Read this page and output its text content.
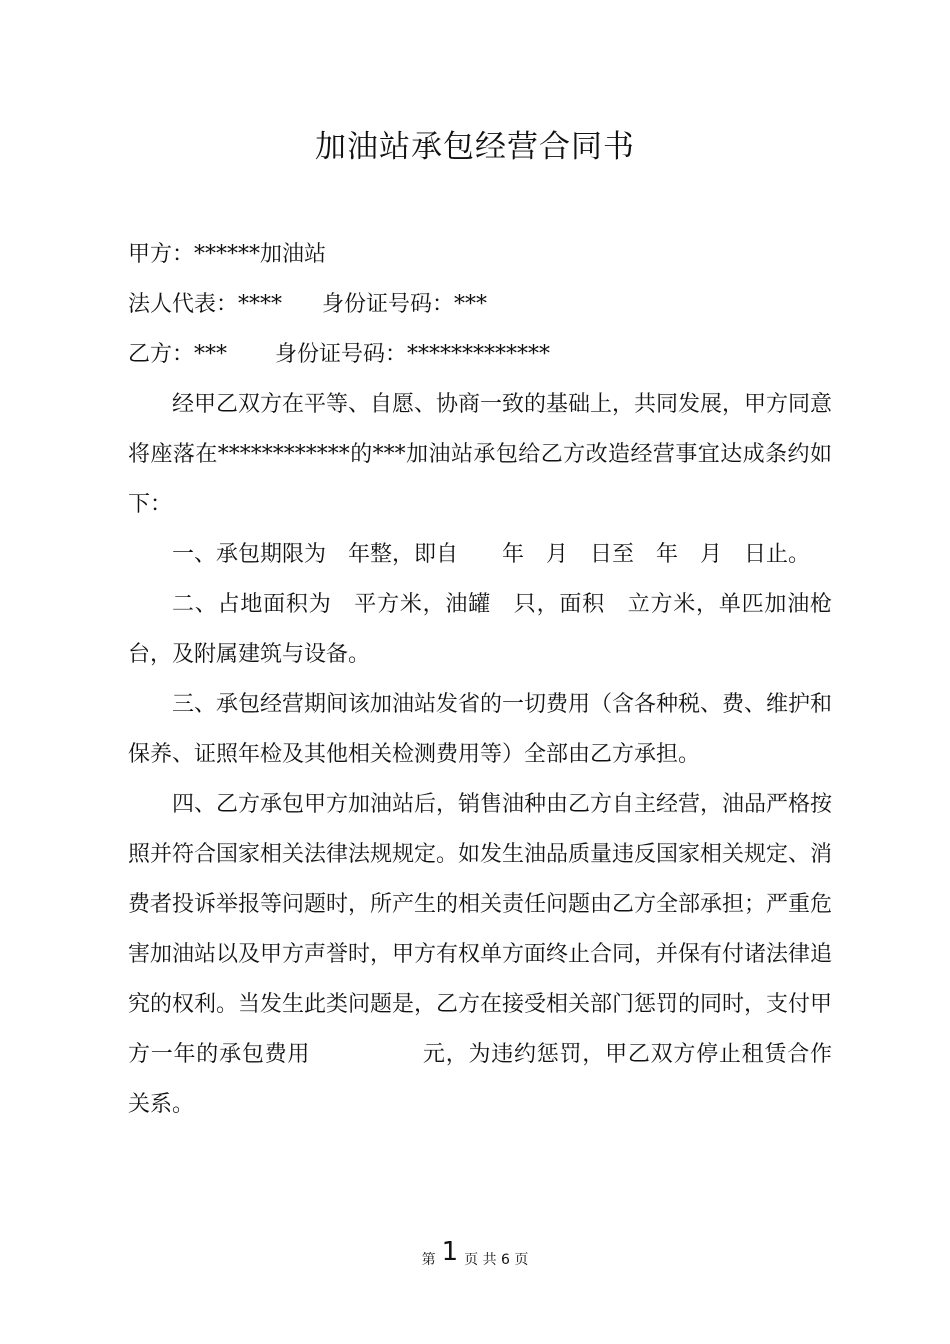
加油站承包经营合同书

甲方：******加油站

法人代表：**** 身份证号码：***

乙方：*** 身份证号码：*************

经甲乙双方在平等、自愿、协商一致的基础上，共同发展，甲方同意将座落在************的***加油站承包给乙方改造经营事宜达成条约如下：

一、承包期限为　年整，即自　　年　月　日至　年　月　日止。

二、占地面积为　平方米，油罐　只，面积　立方米，单匹加油枪　台，及附属建筑与设备。

三、承包经营期间该加油站发省的一切费用（含各种税、费、维护和保养、证照年检及其他相关检测费用等）全部由乙方承担。

四、乙方承包甲方加油站后，销售油种由乙方自主经营，油品严格按照并符合国家相关法律法规规定。如发生油品质量违反国家相关规定、消费者投诉举报等问题时，所产生的相关责任问题由乙方全部承担；严重危害加油站以及甲方声誉时，甲方有权单方面终止合同，并保有付诸法律追究的权利。当发生此类问题是，乙方在接受相关部门惩罚的同时，支付甲方一年的承包费用	元，为违约惩罚，甲乙双方停止租赁合作关系。

第 1 页 共 6 页
